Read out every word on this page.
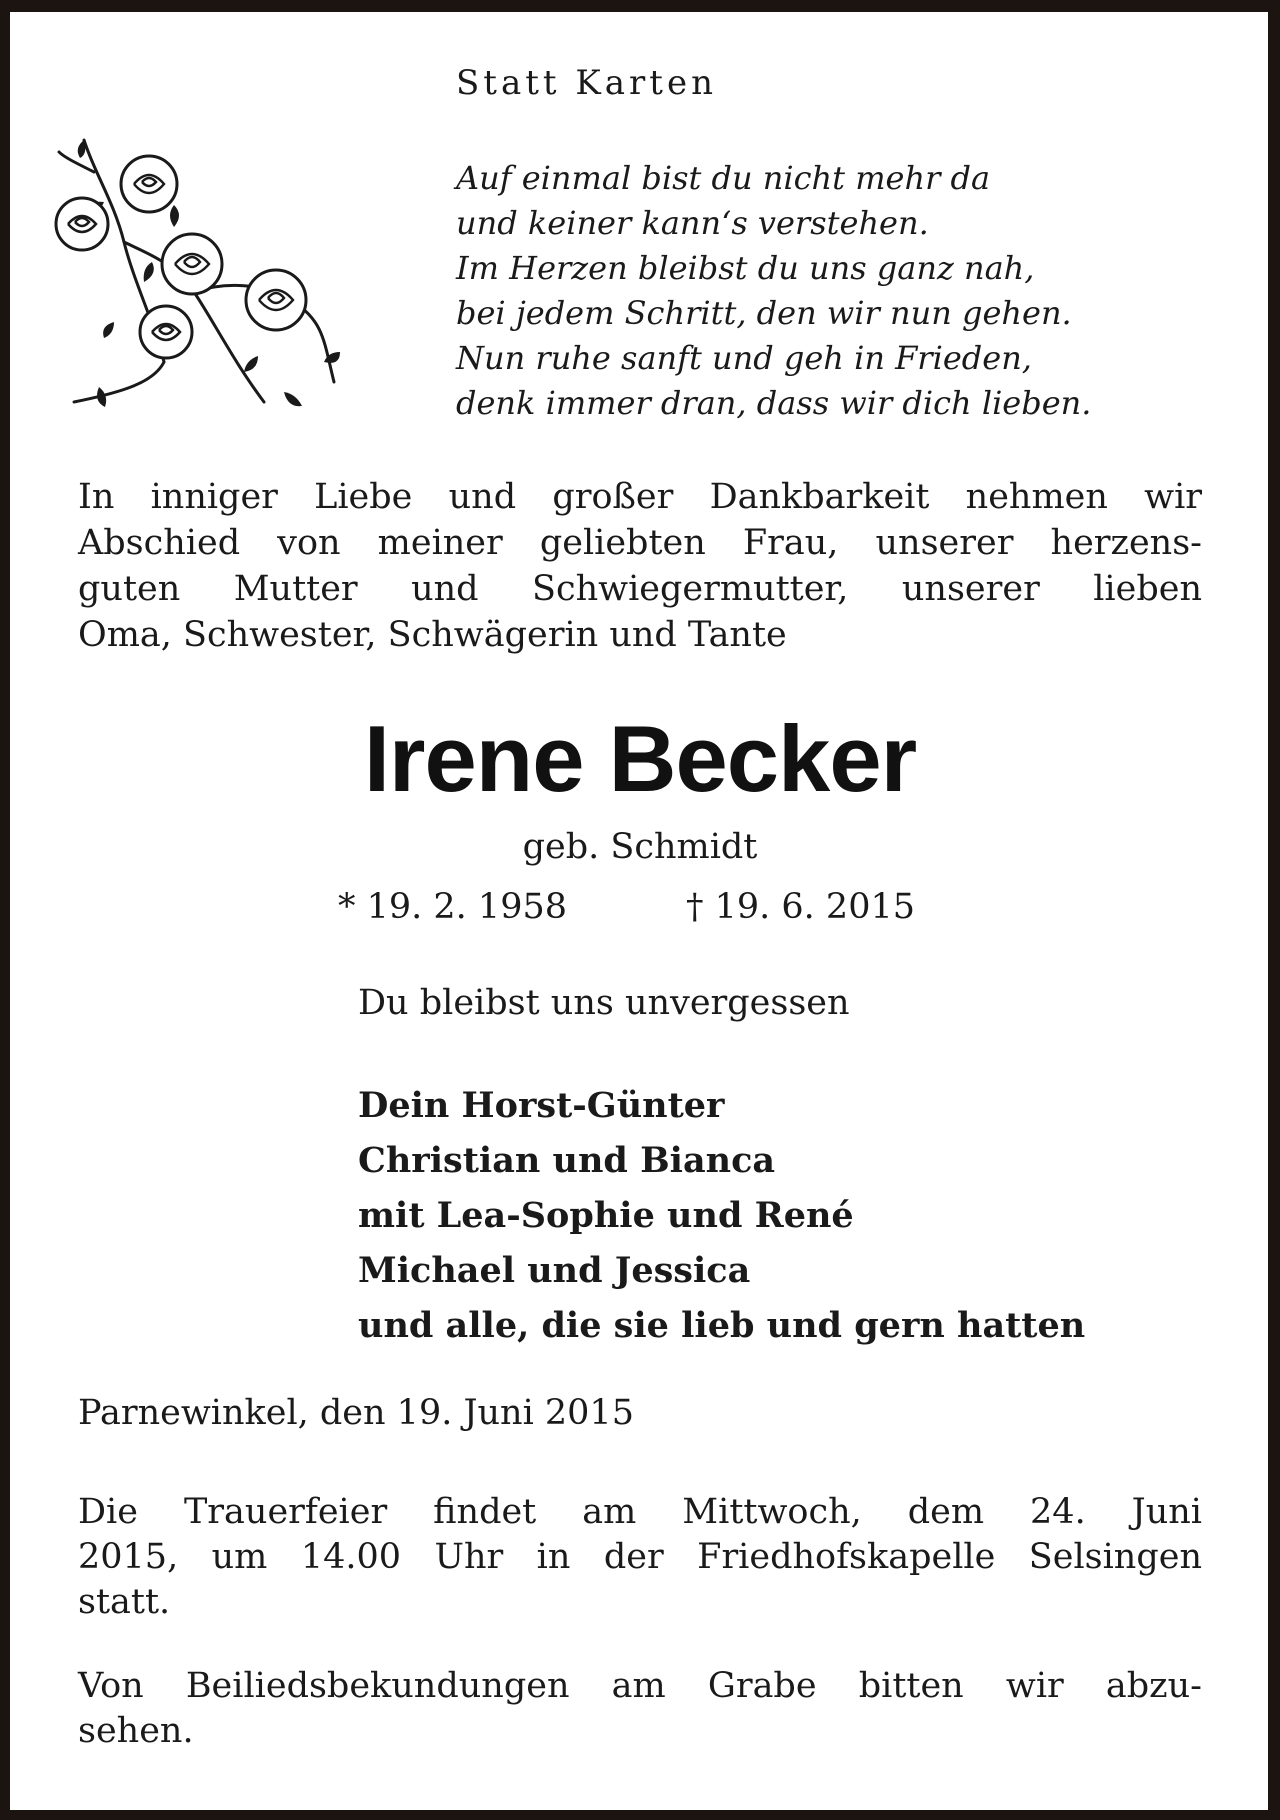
Statt Karten

Auf einmal bist du nicht mehr da
und keiner kann‘s verstehen.
Im Herzen bleibst du uns ganz nah,
bei jedem Schritt, den wir nun gehen.
Nun ruhe sanft und geh in Frieden,
denk immer dran, dass wir dich lieben.
In inniger Liebe und großer Dankbarkeit nehmen wir
Abschied von meiner geliebten Frau, unserer herzens-
guten Mutter und Schwiegermutter, unserer lieben
Oma, Schwester, Schwägerin und Tante

Irene Becker

geb. Schmidt

* 19. 2. 1958	† 19. 6. 2015

Du bleibst uns unvergessen

Dein Horst-Günter
Christian und Bianca
mit Lea-Sophie und René
Michael und Jessica
und alle, die sie lieb und gern hatten

Parnewinkel, den 19. Juni 2015

Die Trauerfeier findet am Mittwoch, dem 24. Juni
2015, um 14.00 Uhr in der Friedhofskapelle Selsingen
statt.
Von Beiliedsbekundungen am Grabe bitten wir abzu-
sehen.
